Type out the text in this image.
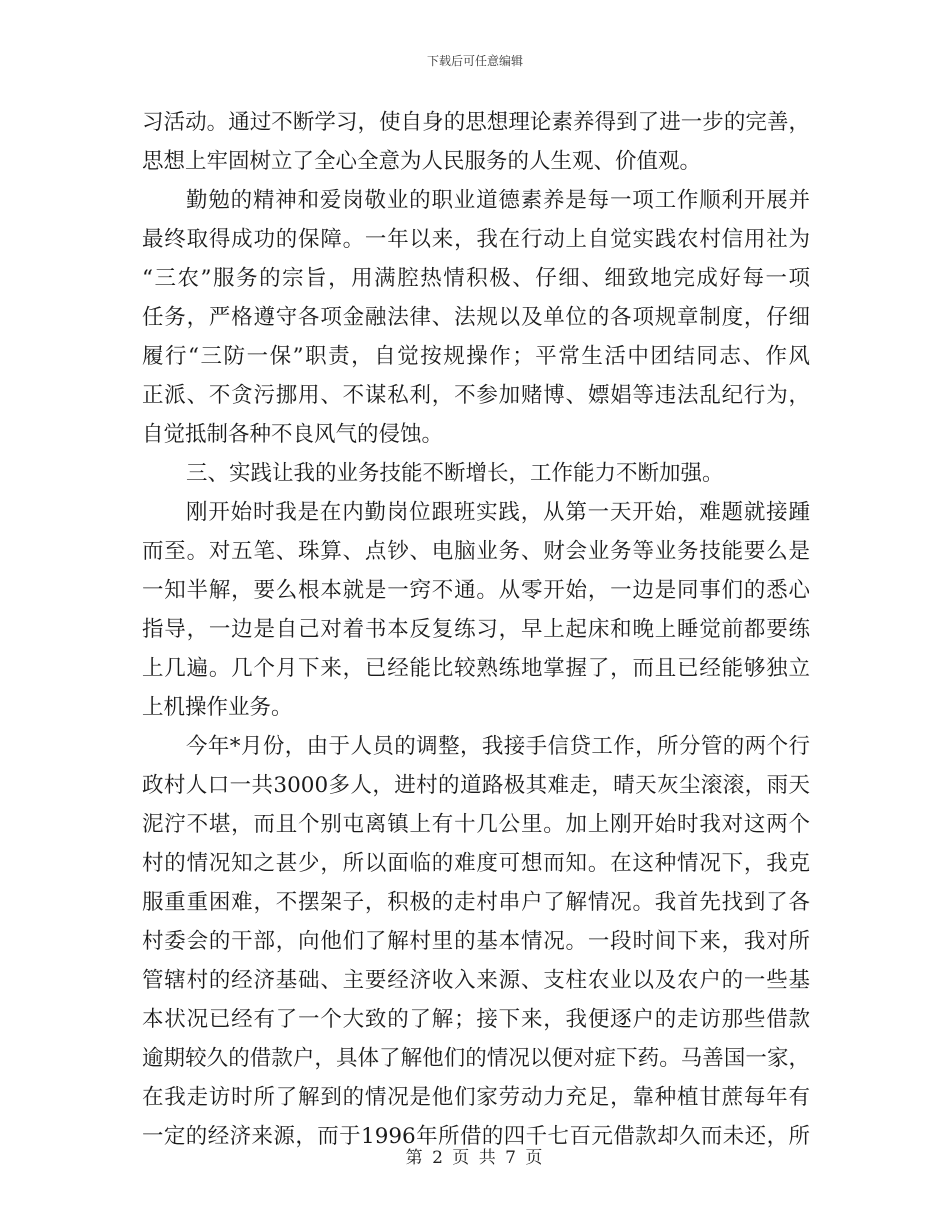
下载后可任意编辑
习活动。通过不断学习，使自身的思想理论素养得到了进一步的完善，
思想上牢固树立了全心全意为人民服务的人生观、价值观。
勤勉的精神和爱岗敬业的职业道德素养是每一项工作顺利开展并
最终取得成功的保障。一年以来，我在行动上自觉实践农村信用社为
“三农”服务的宗旨，用满腔热情积极、仔细、细致地完成好每一项
任务，严格遵守各项金融法律、法规以及单位的各项规章制度，仔细
履行“三防一保”职责，自觉按规操作；平常生活中团结同志、作风
正派、不贪污挪用、不谋私利，不参加赌博、嫖娼等违法乱纪行为，
自觉抵制各种不良风气的侵蚀。
三、实践让我的业务技能不断增长，工作能力不断加强。
刚开始时我是在内勤岗位跟班实践，从第一天开始，难题就接踵
而至。对五笔、珠算、点钞、电脑业务、财会业务等业务技能要么是
一知半解，要么根本就是一窍不通。从零开始，一边是同事们的悉心
指导，一边是自己对着书本反复练习，早上起床和晚上睡觉前都要练
上几遍。几个月下来，已经能比较熟练地掌握了，而且已经能够独立
上机操作业务。
今年*月份，由于人员的调整，我接手信贷工作，所分管的两个行
政村人口一共3000多人，进村的道路极其难走，晴天灰尘滚滚，雨天
泥泞不堪，而且个别屯离镇上有十几公里。加上刚开始时我对这两个
村的情况知之甚少，所以面临的难度可想而知。在这种情况下，我克
服重重困难，不摆架子，积极的走村串户了解情况。我首先找到了各
村委会的干部，向他们了解村里的基本情况。一段时间下来，我对所
管辖村的经济基础、主要经济收入来源、支柱农业以及农户的一些基
本状况已经有了一个大致的了解；接下来，我便逐户的走访那些借款
逾期较久的借款户，具体了解他们的情况以便对症下药。马善国一家，
在我走访时所了解到的情况是他们家劳动力充足，靠种植甘蔗每年有
一定的经济来源，而于1996年所借的四千七百元借款却久而未还，所
第 2 页 共 7 页
